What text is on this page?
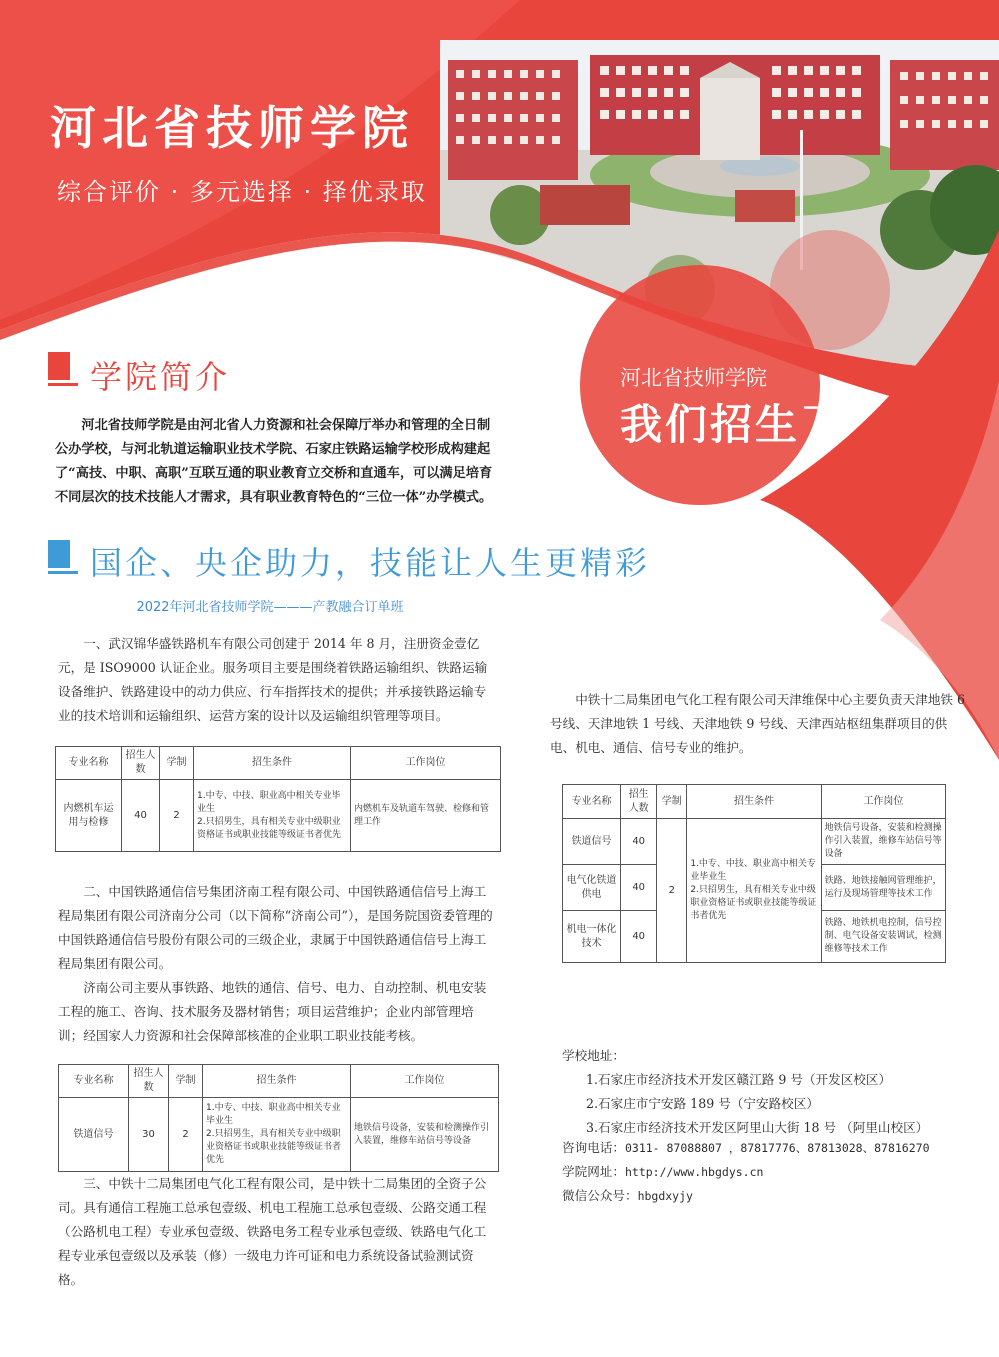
河北省技师学院
综合评价 · 多元选择 · 择优录取
河北省技师学院
我们招生了
学院简介
河北省技师学院是由河北省人力资源和社会保障厅举办和管理的全日制公办学校，与河北轨道运输职业技术学院、石家庄铁路运输学校形成构建起了“高技、中职、高职”互联互通的职业教育立交桥和直通车，可以满足培育不同层次的技术技能人才需求，具有职业教育特色的“三位一体”办学模式。
国企、央企助力，技能让人生更精彩
2022年河北省技师学院———产教融合订单班
一、武汉锦华盛铁路机车有限公司创建于 2014 年 8 月，注册资金壹亿元，是 ISO9000 认证企业。服务项目主要是围绕着铁路运输组织、铁路运输设备维护、铁路建设中的动力供应、行车指挥技术的提供；并承接铁路运输专业的技术培训和运输组织、运营方案的设计以及运输组织管理等项目。
专业名称	招生人数	学制	招生条件	工作岗位
内燃机车运用与检修	40	2	1.中专、中技、职业高中相关专业毕业生
2.只招男生，具有相关专业中级职业资格证书或职业技能等级证书者优先	内燃机车及轨道车驾驶、检修和管理工作
二、中国铁路通信信号集团济南工程有限公司、中国铁路通信信号上海工程局集团有限公司济南分公司（以下简称“济南公司”），是国务院国资委管理的中国铁路通信信号股份有限公司的三级企业，隶属于中国铁路通信信号上海工程局集团有限公司。
济南公司主要从事铁路、地铁的通信、信号、电力、自动控制、机电安装工程的施工、咨询、技术服务及器材销售；项目运营维护；企业内部管理培训；经国家人力资源和社会保障部核准的企业职工职业技能考核。
专业名称	招生人数	学制	招生条件	工作岗位
铁道信号	30	2	1.中专、中技、职业高中相关专业毕业生
2.只招男生，具有相关专业中级职业资格证书或职业技能等级证书者优先	地铁信号设备，安装和检测操作引入装置，维修车站信号等设备
三、中铁十二局集团电气化工程有限公司，是中铁十二局集团的全资子公司。具有通信工程施工总承包壹级、机电工程施工总承包壹级、公路交通工程（公路机电工程）专业承包壹级、铁路电务工程专业承包壹级、铁路电气化工程专业承包壹级以及承装（修）一级电力许可证和电力系统设备试验测试资格。
中铁十二局集团电气化工程有限公司天津维保中心主要负责天津地铁 6 号线、天津地铁 1 号线、天津地铁 9 号线、天津西站枢纽集群项目的供电、机电、通信、信号专业的维护。
专业名称	招生人数	学制	招生条件	工作岗位
铁道信号	40	2	1.中专、中技、职业高中相关专业毕业生
2.只招男生，具有相关专业中级职业资格证书或职业技能等级证书者优先	地铁信号设备，安装和检测操作引入装置，维修车站信号等设备
电气化铁道供电	40			铁路、地铁接触网管理维护，运行及现场管理等技术工作
机电一体化技术	40			铁路、地铁机电控制，信号控制、电气设备安装调试，检测维修等技术工作
学校地址：
1.石家庄市经济技术开发区赣江路 9 号（开发区校区）
2.石家庄市宁安路 189 号（宁安路校区）
3.石家庄市经济技术开发区阿里山大街 18 号 （阿里山校区）
咨询电话：0311- 87088807 ，87817776、87813028、87816270
学院网址：http://www.hbgdys.cn
微信公众号：hbgdxyjy
